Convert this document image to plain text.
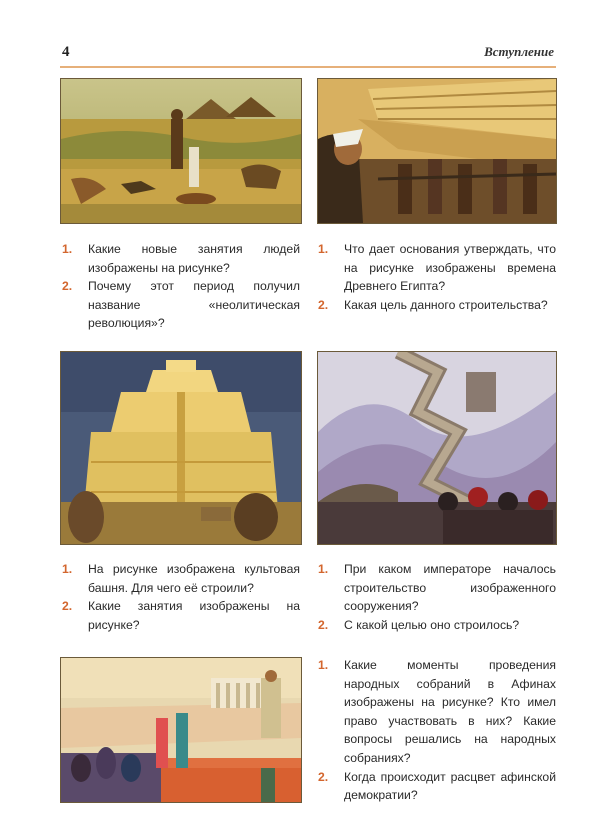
4	Вступление
1. Какие новые занятия людей изображены на рисунке?
2. Почему этот период получил название «неолитическая революция»?
1. Что дает основания утверждать, что на рисунке изображены времена Древнего Египта?
2. Какая цель данного строительства?
1. На рисунке изображена культовая башня. Для чего её строили?
2. Какие занятия изображены на рисунке?
1. При каком императоре началось строительство изображенного сооружения?
2. С какой целью оно строилось?
1. Какие моменты проведения народных собраний в Афинах изображены на рисунке? Кто имел право участвовать в них? Какие вопросы решались на народных собраниях?
2. Когда происходит расцвет афинской демократии?
